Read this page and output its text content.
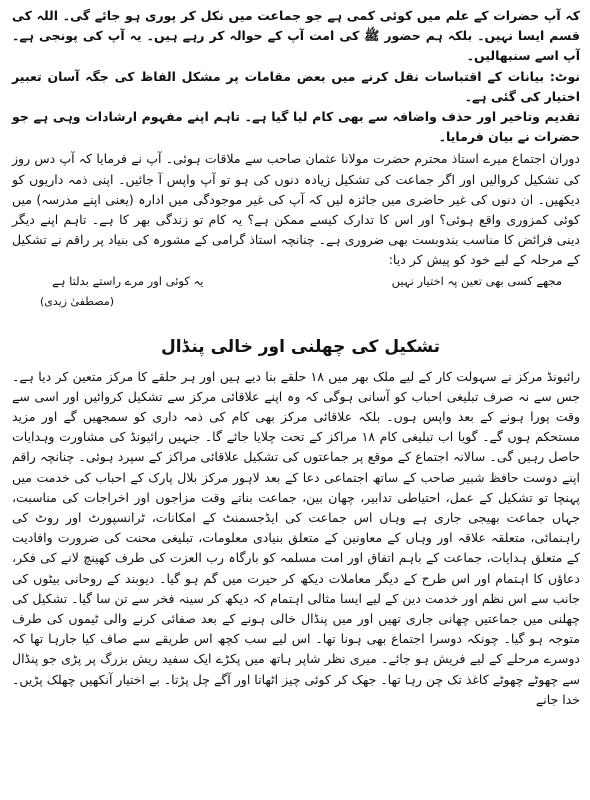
کہ آپ حضرات کے علم میں کوئی کمی ہے جو جماعت میں نکل کر پوری ہو جائے گی۔ اللہ کی قسم ایسا نہیں۔ بلکہ ہم حضور ﷺ کی امت آپ کے حوالہ کر رہے ہیں۔ یہ آپ کی پونجی ہے۔ آپ اسے سنبھالیں۔

نوٹ: بیانات کے اقتباسات نقل کرنے میں بعض مقامات پر مشکل الفاظ کی جگہ آسان تعبیر اختیار کی گئی ہے۔

تقدیم وتاخیر اور حذف واضافہ سے بھی کام لیا گیا ہے۔ تاہم اپنے مفہوم ارشادات وہی ہے جو حضرات نے بیان فرمایا۔

دوران اجتماع میرے استاذ محترم حضرت مولانا عثمان صاحب سے ملاقات ہوئی۔ آپ نے فرمایا کہ آپ دس روز کی تشکیل کروالیں اور اگر جماعت کی تشکیل زیادہ دنوں کی ہو تو آپ واپس آ جائیں۔ اپنی ذمہ داریوں کو دیکھیں۔ ان دنوں کی غیر حاضری میں جائزہ لیں کہ آپ کی غیر موجودگی میں ادارہ (یعنی اپنے مدرسہ) میں کوئی کمزوری واقع ہوئی؟ اور اس کا تدارک کیسے ممکن ہے؟ یہ کام تو زندگی بھر کا ہے۔ تاہم اپنے دیگر دینی فرائض کا مناسب بندوبست بھی ضروری ہے۔ چنانچہ استاذ گرامی کے مشورہ کی بنیاد پر راقم نے تشکیل کے مرحلہ کے لیے خود کو پیش کر دیا:

مجھے کسی بھی تعین پہ اختیار نہیں
یہ کوئی اور مرے راستے بدلتا ہے
(مصطفیٰ زیدی)
تشکیل کی چھلنی اور خالی پنڈال

رائیونڈ مرکز نے سہولت کار کے لیے ملک بھر میں ۱۸ حلقے بنا دیے ہیں اور ہر حلقے کا مرکز متعین کر دیا ہے۔ جس سے نہ صرف تبلیغی احباب کو آسانی ہوگی کہ وہ اپنے علاقائی مرکز سے تشکیل کروائیں اور اسی سے وقت پورا ہونے کے بعد واپس ہوں۔ بلکہ علاقائی مرکز بھی کام کی ذمہ داری کو سمجھیں گے اور مزید مستحکم ہوں گے۔ گویا اب تبلیغی کام ۱۸ مراکز کے تحت چلایا جائے گا۔ جنہیں رائیونڈ کی مشاورت وہدایات حاصل رہیں گی۔ سالانہ اجتماع کے موقع پر جماعتوں کی تشکیل علاقائی مراکز کے سپرد ہوئی۔ چنانچہ راقم اپنے دوست حافظ شبیر صاحب کے ساتھ اجتماعی دعا کے بعد لاہور مرکز بلال پارک کے احباب کی خدمت میں پہنچا تو تشکیل کے عمل، احتیاطی تدابیر، چھان بین، جماعت بناتے وقت مزاجوں اور اخراجات کی مناسبت، جہاں جماعت بھیجی جاری ہے وہاں اس جماعت کی ایڈجسمنٹ کے امکانات، ٹرانسپورٹ اور روٹ کی راہنمائی، متعلقہ علاقہ اور وہاں کے معاونین کے متعلق بنیادی معلومات، تبلیغی محنت کی ضرورت وافادیت کے متعلق ہدایات، جماعت کے باہم اتفاق اور امت مسلمہ کو بارگاہ رب العزت کی طرف کھینچ لانے کی فکر، دعاؤں کا اہتمام اور اس طرح کے دیگر معاملات دیکھ کر حیرت میں گم ہو گیا۔ دیوبند کے روحانی بیٹوں کی جانب سے اس نظم اور خدمت دین کے لیے ایسا مثالی اہتمام کہ دیکھ کر سینہ فخر سے تن سا گیا۔ تشکیل کی چھلنی میں جماعتیں چھانی جاری تھیں اور میں پنڈال خالی ہونے کے بعد صفائی کرنے والی ٹیموں کی طرف متوجہ ہو گیا۔ چونکہ دوسرا اجتماع بھی ہونا تھا۔ اس لیے سب کچھ اس طریقے سے صاف کیا جارہا تھا کہ دوسرے مرحلے کے لیے فریش ہو جائے۔ میری نظر شاپر ہاتھ میں پکڑے ایک سفید ریش بزرگ پر پڑی جو پنڈال سے چھوٹے چھوٹے کاغذ تک چن رہا تھا۔ جھک کر کوئی چیز اٹھاتا اور آگے چل پڑتا۔ بے اختیار آنکھیں چھلک پڑیں۔ خدا جانے
